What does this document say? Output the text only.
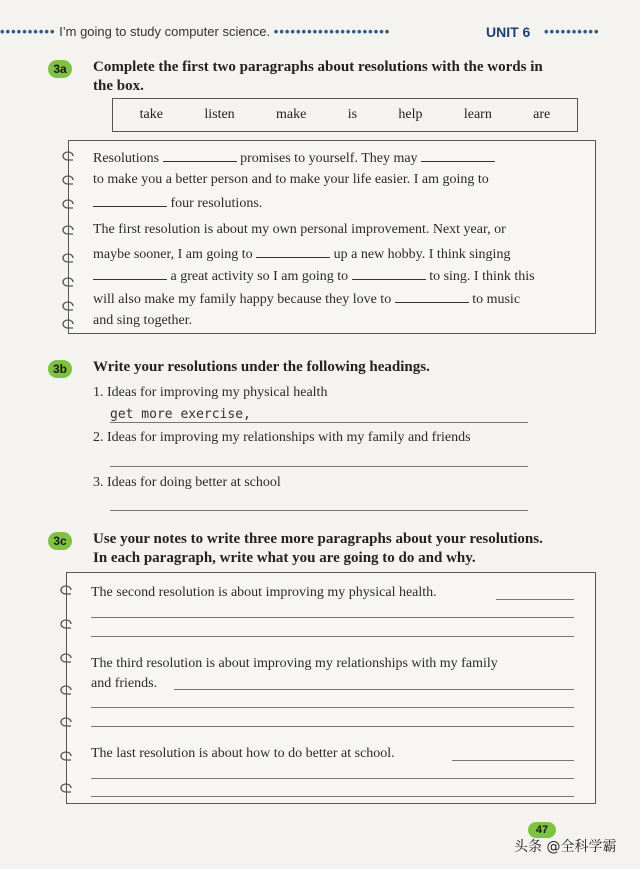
•••••••••• I’m going to study computer science. •••••••••••••••••••••	UNIT 6 ••••••••••
3a	Complete the first two paragraphs about resolutions with the words in
the box.
take	listen	make	is	help	learn	are
Resolutions	promises to yourself. They may
to make you a better person and to make your life easier. I am going to
four resolutions.
The first resolution is about my own personal improvement. Next year, or
maybe sooner, I am going to	up a new hobby. I think singing
a great activity so I am going to	to sing. I think this
will also make my family happy because they love to	to music
and sing together.
3b	Write your resolutions under the following headings.
1. Ideas for improving my physical health
get more exercise,
2. Ideas for improving my relationships with my family and friends
3. Ideas for doing better at school
3c	Use your notes to write three more paragraphs about your resolutions.
In each paragraph, write what you are going to do and why.
The second resolution is about improving my physical health.
The third resolution is about improving my relationships with my family
and friends.
The last resolution is about how to do better at school.
47
头条 @全科学霸
